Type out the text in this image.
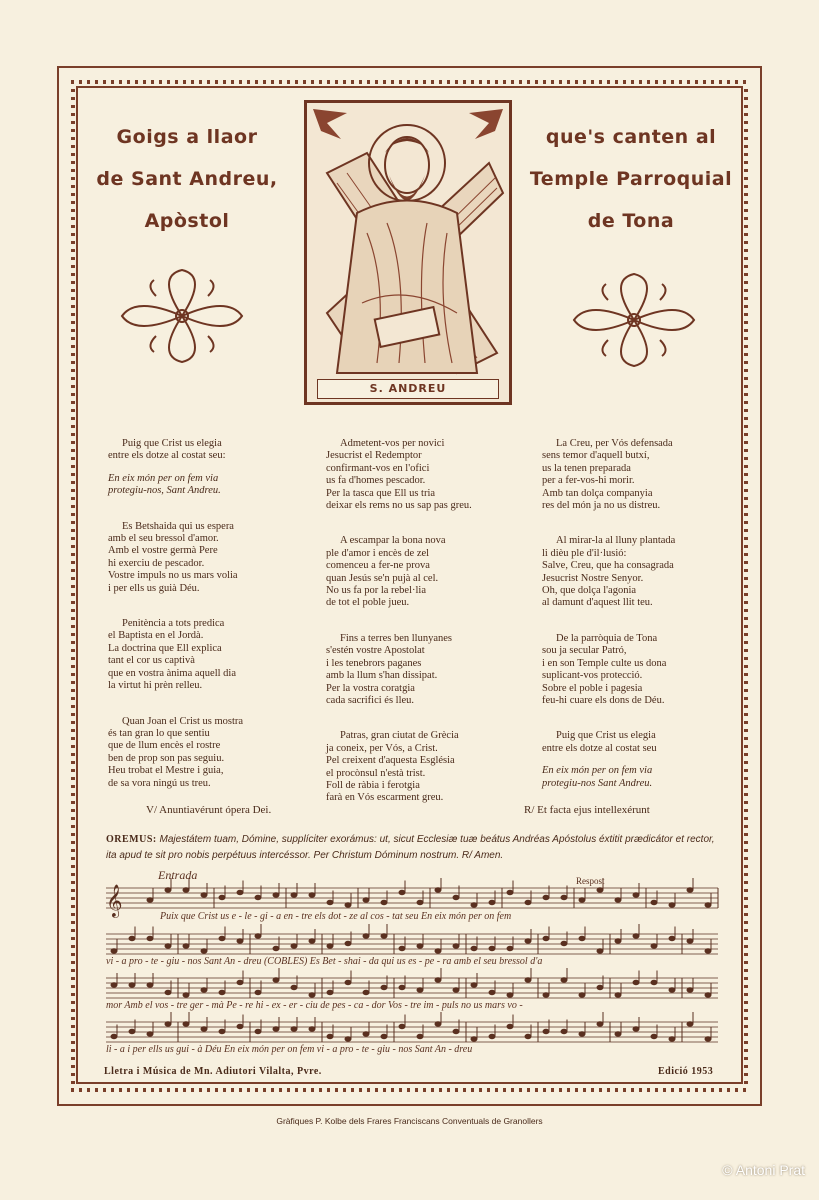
Goigs a llaor
de Sant Andreu,
Apòstol
que's canten al
Temple Parroquial
de Tona
S. ANDREU
Puig que Crist us elegia
entre els dotze al costat seu:
En eix món per on fem via
protegiu-nos, Sant Andreu.
Es Betshaida qui us espera
amb el seu bressol d'amor.
Amb el vostre germà Pere
hi exerciu de pescador.
Vostre impuls no us mars volia
i per ells us guià Déu.
Penitència a tots predica
el Baptista en el Jordà.
La doctrina que Ell explica
tant el cor us captivà
que en vostra ànima aquell dia
la virtut hi prèn relleu.
Quan Joan el Crist us mostra
és tan gran lo que sentiu
que de llum encès el rostre
ben de prop son pas seguiu.
Heu trobat el Mestre i guia,
de sa vora ningú us treu.
Admetent-vos per novici
Jesucrist el Redemptor
confirmant-vos en l'ofici
us fa d'homes pescador.
Per la tasca que Ell us tria
deixar els rems no us sap pas greu.
A escampar la bona nova
ple d'amor i encès de zel
comenceu a fer-ne prova
quan Jesús se'n pujà al cel.
No us fa por la rebel·lia
de tot el poble jueu.
Fins a terres ben llunyanes
s'estén vostre Apostolat
i les tenebrors paganes
amb la llum s'han dissipat.
Per la vostra coratgia
cada sacrifici és lleu.
Patras, gran ciutat de Grècia
ja coneix, per Vós, a Crist.
Pel creixent d'aquesta Església
el procònsul n'està trist.
Foll de ràbia i ferotgia
farà en Vós escarment greu.
La Creu, per Vós defensada
sens temor d'aquell butxí,
us la tenen preparada
per a fer-vos-hi morir.
Amb tan dolça companyia
res del món ja no us distreu.
Al mirar-la al lluny plantada
li dièu ple d'il·lusió:
Salve, Creu, que ha consagrada
Jesucrist Nostre Senyor.
Oh, que dolça l'agonia
al damunt d'aquest llit teu.
De la parròquia de Tona
sou ja secular Patró,
i en son Temple culte us dona
suplicant-vos protecció.
Sobre el poble i pagesia
feu-hi cuare els dons de Déu.
Puig que Crist us elegia
entre els dotze al costat seu
En eix món per on fem via
protegiu-nos Sant Andreu.
V/ Anuntiavérunt ópera Dei.	R/ Et facta ejus intellexérunt
OREMUS: Majestátem tuam, Dómine, supplíciter exorámus: ut, sicut Ecclesiæ tuæ beátus Andréas Apóstolus éxtitit prædicátor et rector, ita apud te sit pro nobis perpétuus intercéssor. Per Christum Dóminum nostrum. R/ Amen.
𝄞
Entrada	Respost
Puix que Crist us e - le - gi - a en - tre els dot - ze al cos - tat seu En eix món per on fem
vi - a pro - te - giu - nos Sant An - dreu (COBLES) Es Bet - shai - da qui us es - pe - ra amb el seu bressol d'a
mor Amb el vos - tre ger - mà Pe - re hi - ex - er - ciu de pes - ca - dor Vos - tre im - puls no us mars vo -
li - a i per ells us gui - à Déu En eix món per on fem vi - a pro - te - giu - nos Sant An - dreu
Lletra i Música de Mn. Adiutori Vilalta, Pvre.	Edició 1953
Gràfiques P. Kolbe dels Frares Franciscans Conventuals de Granollers
© Antoni Prat
